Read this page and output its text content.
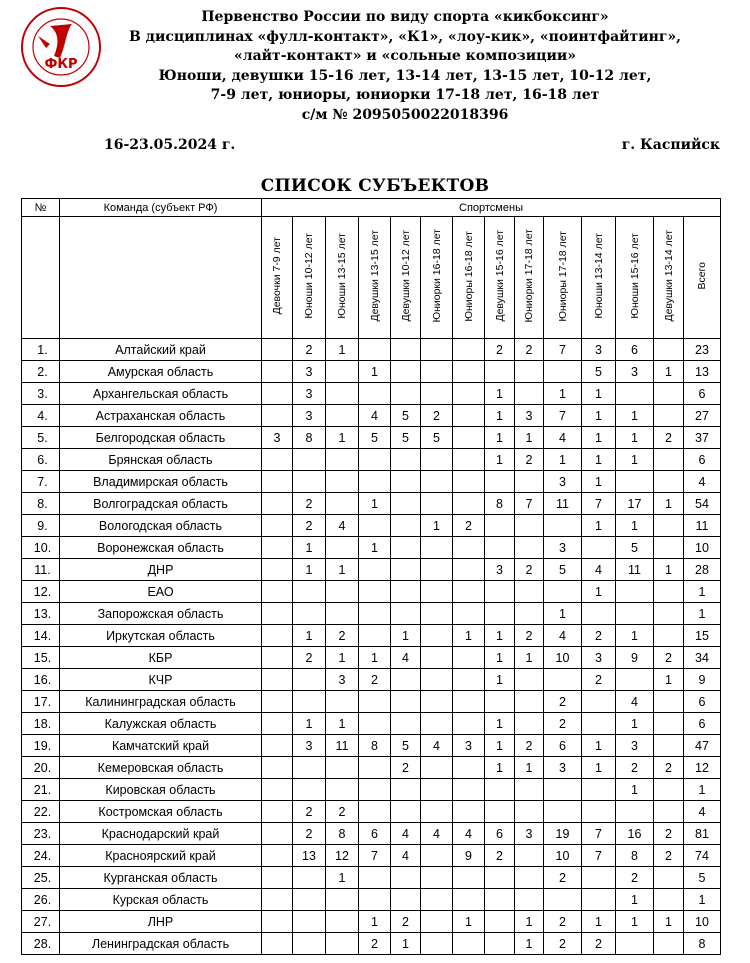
ФКР
Первенство России по виду спорта «кикбоксинг»
В дисциплинах «фулл-контакт», «К1», «лоу-кик», «поинтфайтинг»,
«лайт-контакт» и «сольные композиции»
Юноши, девушки 15-16 лет, 13-14 лет, 13-15 лет, 10-12 лет,
7-9 лет, юниоры, юниорки 17-18 лет, 16-18 лет
с/м № 2095050022018396
16-23.05.2024 г.	г. Каспийск
СПИСОК СУБЪЕКТОВ
№	Команда (субъект РФ)	Спортсмены													
		Девочки 7-9 лет	Юноши 10-12 лет	Юноши 13-15 лет	Девушки 13-15 лет	Девушки 10-12 лет	Юниорки 16-18 лет	Юниоры 16-18 лет	Девушки 15-16 лет	Юниорки 17-18 лет	Юниоры 17-18 лет	Юноши 13-14 лет	Юноши 15-16 лет	Девушки 13-14 лет	Всего
1.	Алтайский край		2	1					2	2	7	3	6		23
2.	Амурская область		3		1							5	3	1	13
3.	Архангельская область		3						1		1	1			6
4.	Астраханская область		3		4	5	2		1	3	7	1	1		27
5.	Белгородская область	3	8	1	5	5	5		1	1	4	1	1	2	37
6.	Брянская область								1	2	1	1	1		6
7.	Владимирская область										3	1			4
8.	Волгоградская область		2		1				8	7	11	7	17	1	54
9.	Вологодская область		2	4			1	2				1	1		11
10.	Воронежская область		1		1						3		5		10
11.	ДНР		1	1					3	2	5	4	11	1	28
12.	ЕАО											1			1
13.	Запорожская область										1				1
14.	Иркутская область		1	2		1		1	1	2	4	2	1		15
15.	КБР		2	1	1	4			1	1	10	3	9	2	34
16.	КЧР			3	2				1			2		1	9
17.	Калининградская область										2		4		6
18.	Калужская область		1	1					1		2		1		6
19.	Камчатский край		3	11	8	5	4	3	1	2	6	1	3		47
20.	Кемеровская область					2			1	1	3	1	2	2	12
21.	Кировская область												1		1
22.	Костромская область		2	2											4
23.	Краснодарский край		2	8	6	4	4	4	6	3	19	7	16	2	81
24.	Красноярский край		13	12	7	4		9	2		10	7	8	2	74
25.	Курганская область			1							2		2		5
26.	Курская область												1		1
27.	ЛНР				1	2		1		1	2	1	1	1	10
28.	Ленинградская область				2	1				1	2	2			8
